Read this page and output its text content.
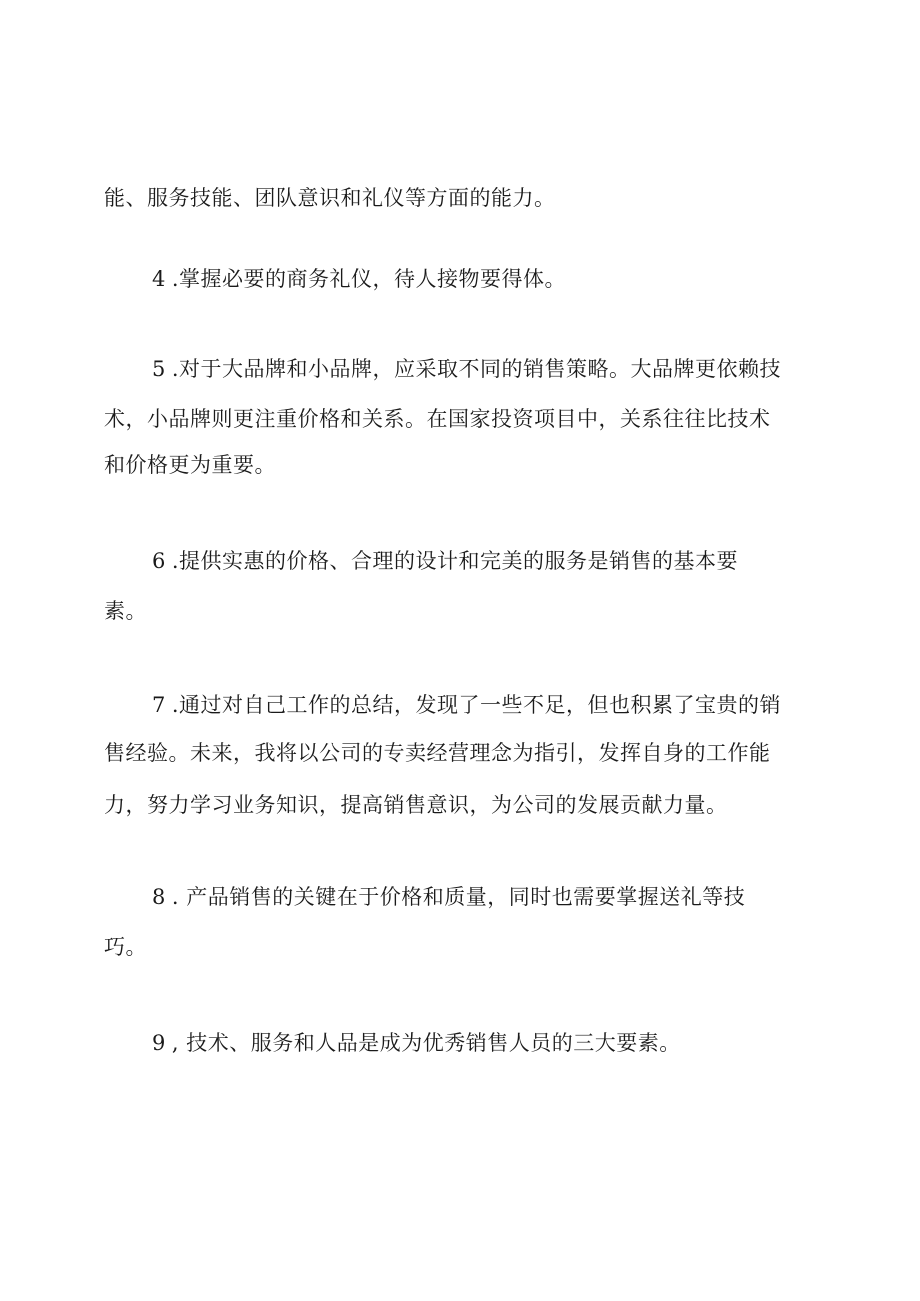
能、服务技能、团队意识和礼仪等方面的能力。
4 .掌握必要的商务礼仪，待人接物要得体。
5 .对于大品牌和小品牌，应采取不同的销售策略。大品牌更依赖技
术，小品牌则更注重价格和关系。在国家投资项目中，关系往往比技术
和价格更为重要。
6 .提供实惠的价格、合理的设计和完美的服务是销售的基本要
素。
7 .通过对自己工作的总结，发现了一些不足，但也积累了宝贵的销
售经验。未来，我将以公司的专卖经营理念为指引，发挥自身的工作能
力，努力学习业务知识，提高销售意识，为公司的发展贡献力量。
8 . 产品销售的关键在于价格和质量，同时也需要掌握送礼等技
巧。
9 , 技术、服务和人品是成为优秀销售人员的三大要素。
